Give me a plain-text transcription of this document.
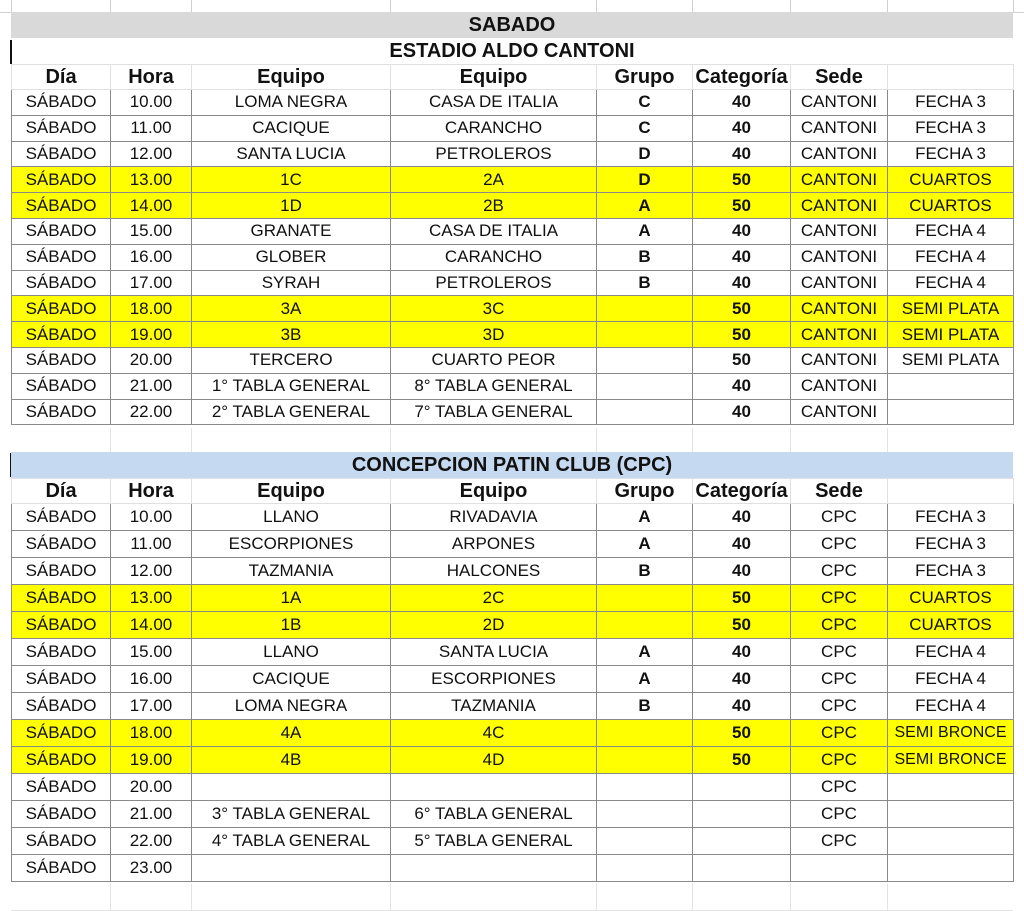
SABADO
ESTADIO ALDO CANTONI
Día	Hora	Equipo	Equipo	Grupo	Categoría	Sede	
SÁBADO	10.00	LOMA NEGRA	CASA DE ITALIA	C	40	CANTONI	FECHA 3
SÁBADO	11.00	CACIQUE	CARANCHO	C	40	CANTONI	FECHA 3
SÁBADO	12.00	SANTA LUCIA	PETROLEROS	D	40	CANTONI	FECHA 3
SÁBADO	13.00	1C	2A	D	50	CANTONI	CUARTOS
SÁBADO	14.00	1D	2B	A	50	CANTONI	CUARTOS
SÁBADO	15.00	GRANATE	CASA DE ITALIA	A	40	CANTONI	FECHA 4
SÁBADO	16.00	GLOBER	CARANCHO	B	40	CANTONI	FECHA 4
SÁBADO	17.00	SYRAH	PETROLEROS	B	40	CANTONI	FECHA 4
SÁBADO	18.00	3A	3C		50	CANTONI	SEMI PLATA
SÁBADO	19.00	3B	3D		50	CANTONI	SEMI PLATA
SÁBADO	20.00	TERCERO	CUARTO PEOR		50	CANTONI	SEMI PLATA
SÁBADO	21.00	1° TABLA GENERAL	8° TABLA GENERAL		40	CANTONI	
SÁBADO	22.00	2° TABLA GENERAL	7° TABLA GENERAL		40	CANTONI	
CONCEPCION PATIN CLUB (CPC)
Día	Hora	Equipo	Equipo	Grupo	Categoría	Sede	
SÁBADO	10.00	LLANO	RIVADAVIA	A	40	CPC	FECHA 3
SÁBADO	11.00	ESCORPIONES	ARPONES	A	40	CPC	FECHA 3
SÁBADO	12.00	TAZMANIA	HALCONES	B	40	CPC	FECHA 3
SÁBADO	13.00	1A	2C		50	CPC	CUARTOS
SÁBADO	14.00	1B	2D		50	CPC	CUARTOS
SÁBADO	15.00	LLANO	SANTA LUCIA	A	40	CPC	FECHA 4
SÁBADO	16.00	CACIQUE	ESCORPIONES	A	40	CPC	FECHA 4
SÁBADO	17.00	LOMA NEGRA	TAZMANIA	B	40	CPC	FECHA 4
SÁBADO	18.00	4A	4C		50	CPC	SEMI BRONCE
SÁBADO	19.00	4B	4D		50	CPC	SEMI BRONCE
SÁBADO	20.00					CPC	
SÁBADO	21.00	3° TABLA GENERAL	6° TABLA GENERAL			CPC	
SÁBADO	22.00	4° TABLA GENERAL	5° TABLA GENERAL			CPC	
SÁBADO	23.00						
